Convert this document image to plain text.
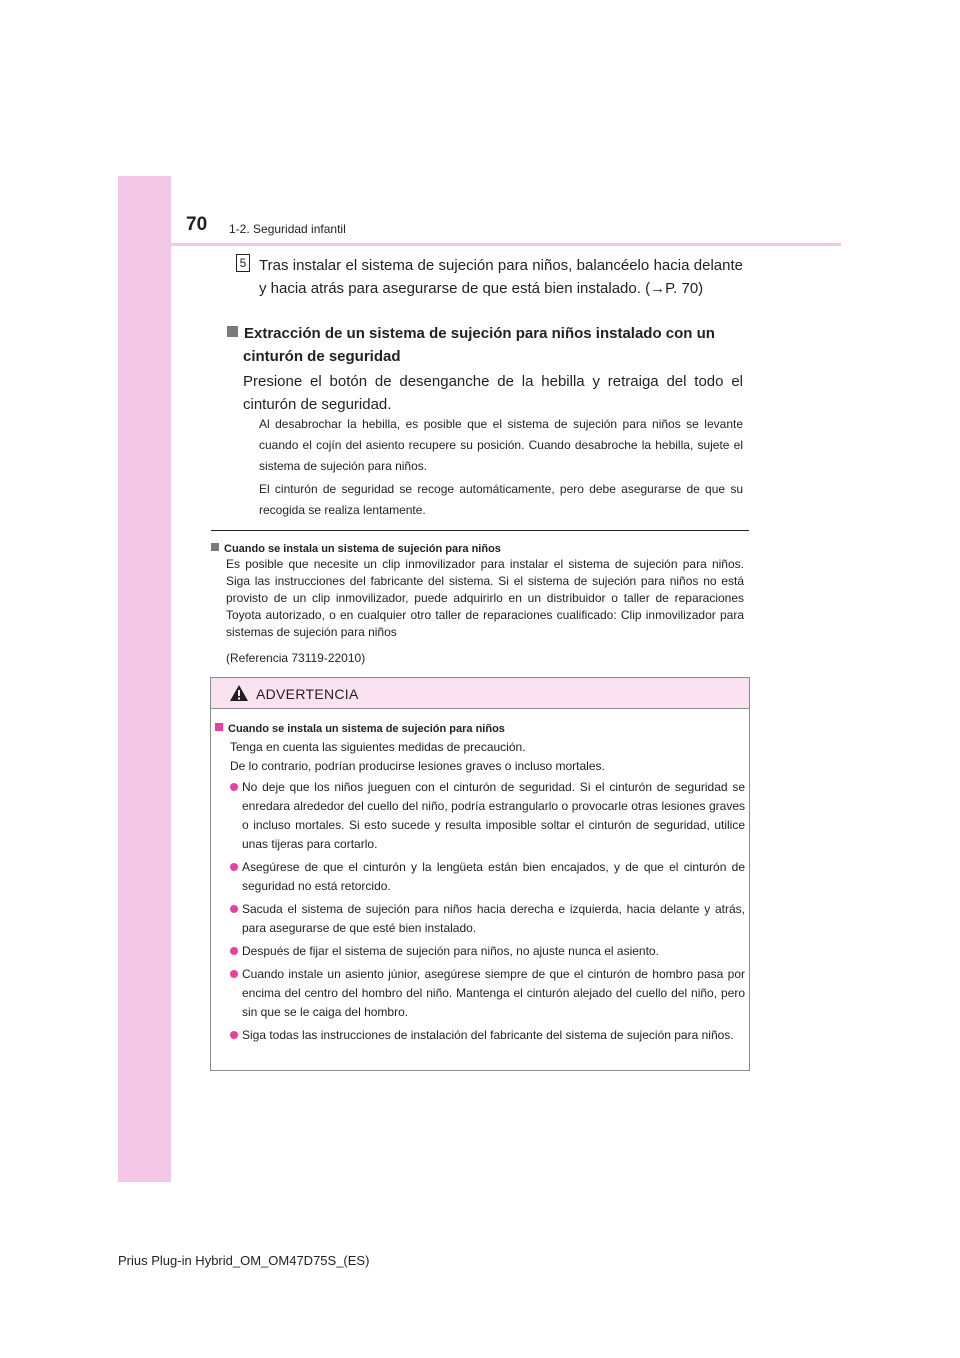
70 1-2. Seguridad infantil
5 Tras instalar el sistema de sujeción para niños, balancéelo hacia delante y hacia atrás para asegurarse de que está bien instalado. (→P. 70)
Extracción de un sistema de sujeción para niños instalado con un
cinturón de seguridad
Presione el botón de desenganche de la hebilla y retraiga del todo el cinturón de seguridad.
Al desabrochar la hebilla, es posible que el sistema de sujeción para niños se levante cuando el cojín del asiento recupere su posición. Cuando desabroche la hebilla, sujete el sistema de sujeción para niños.
El cinturón de seguridad se recoge automáticamente, pero debe asegurarse de que su recogida se realiza lentamente.
Cuando se instala un sistema de sujeción para niños
Es posible que necesite un clip inmovilizador para instalar el sistema de sujeción para niños. Siga las instrucciones del fabricante del sistema. Si el sistema de sujeción para niños no está provisto de un clip inmovilizador, puede adquirirlo en un distribuidor o taller de reparaciones Toyota autorizado, o en cualquier otro taller de reparaciones cualificado: Clip inmovilizador para sistemas de sujeción para niños
(Referencia 73119-22010)
ADVERTENCIA
Cuando se instala un sistema de sujeción para niños
Tenga en cuenta las siguientes medidas de precaución.
De lo contrario, podrían producirse lesiones graves o incluso mortales.
No deje que los niños jueguen con el cinturón de seguridad. Si el cinturón de seguridad se enredara alrededor del cuello del niño, podría estrangularlo o provocarle otras lesiones graves o incluso mortales. Si esto sucede y resulta imposible soltar el cinturón de seguridad, utilice unas tijeras para cortarlo.
Asegúrese de que el cinturón y la lengüeta están bien encajados, y de que el cinturón de seguridad no está retorcido.
Sacuda el sistema de sujeción para niños hacia derecha e izquierda, hacia delante y atrás, para asegurarse de que esté bien instalado.
Después de fijar el sistema de sujeción para niños, no ajuste nunca el asiento.
Cuando instale un asiento júnior, asegúrese siempre de que el cinturón de hombro pasa por encima del centro del hombro del niño. Mantenga el cinturón alejado del cuello del niño, pero sin que se le caiga del hombro.
Siga todas las instrucciones de instalación del fabricante del sistema de sujeción para niños.
Prius Plug-in Hybrid_OM_OM47D75S_(ES)
